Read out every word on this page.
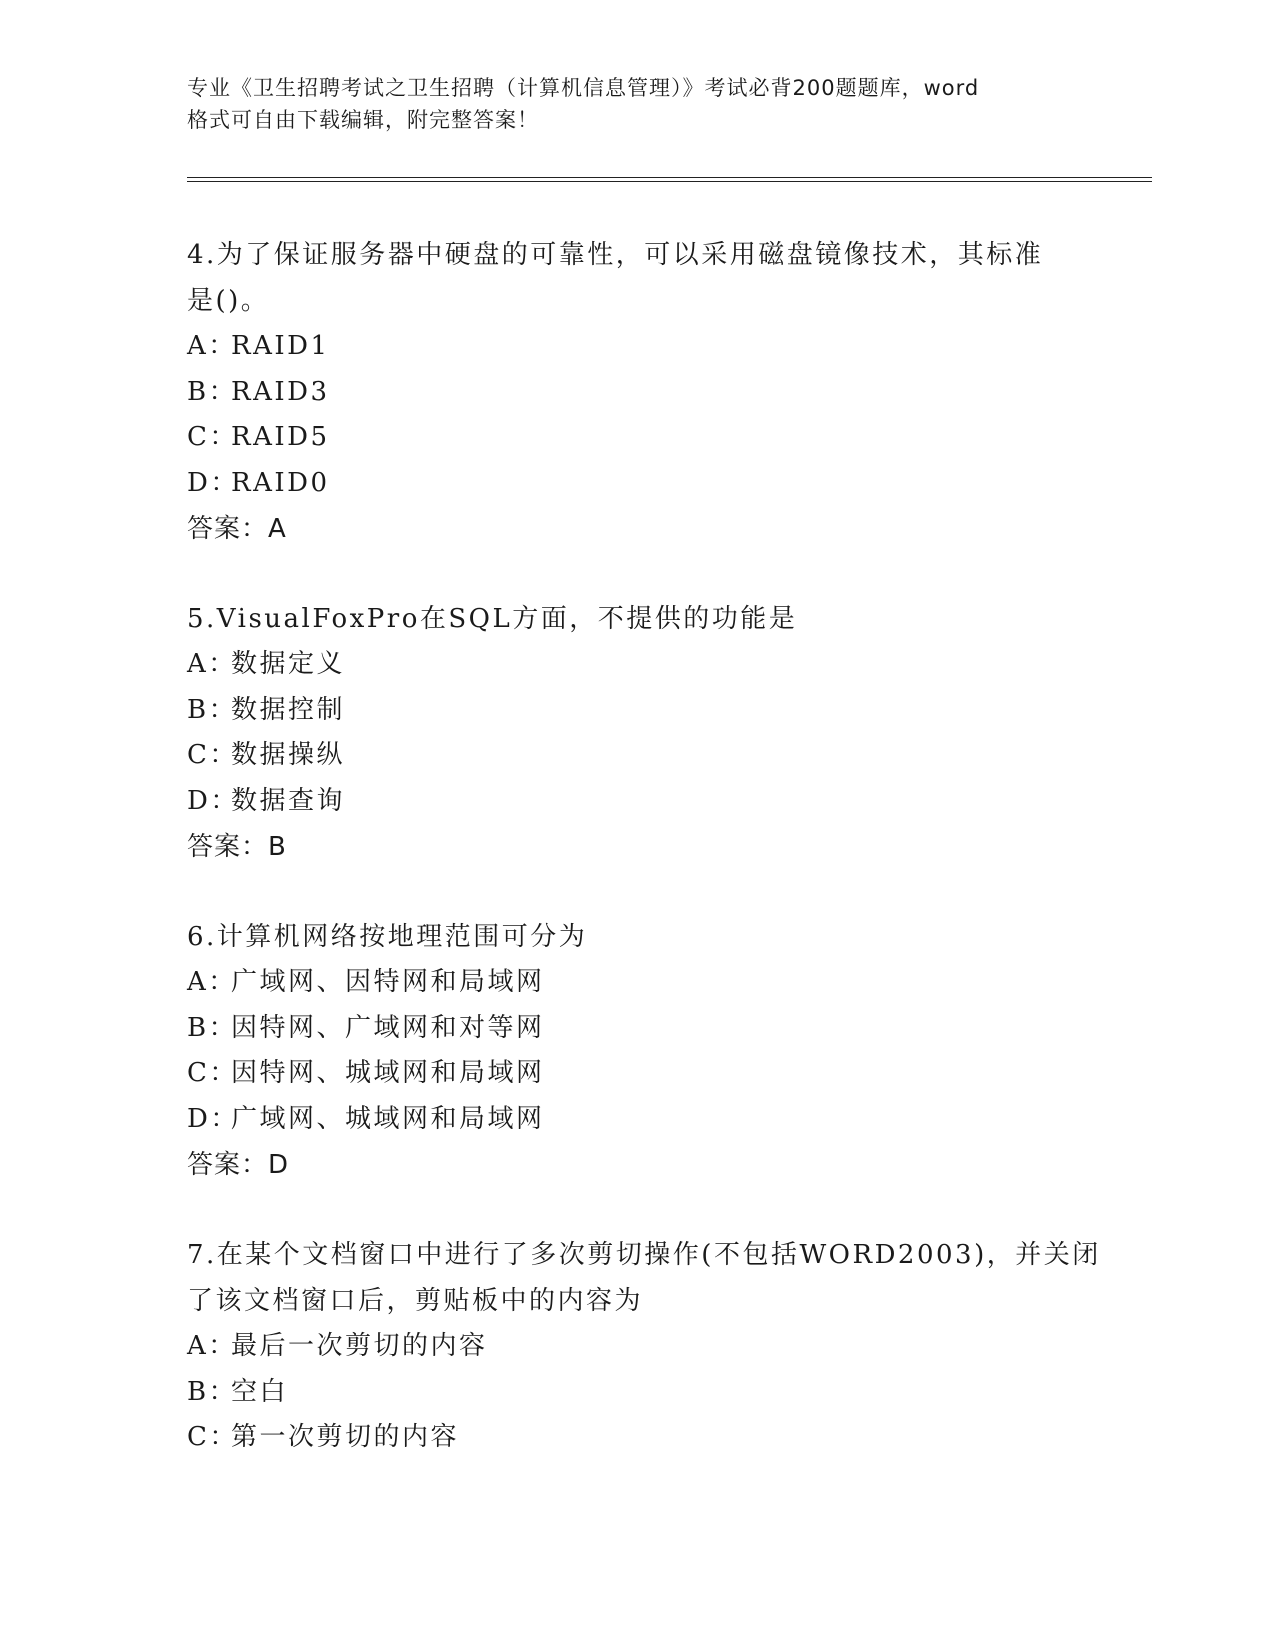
专业《卫生招聘考试之卫生招聘（计算机信息管理）》考试必背200题题库，word
格式可自由下载编辑，附完整答案！
4.为了保证服务器中硬盘的可靠性，可以采用磁盘镜像技术，其标准
是()。
A：RAID1
B：RAID3
C：RAID5
D：RAID0
答案：A
5.VisualFoxPro在SQL方面，不提供的功能是
A：数据定义
B：数据控制
C：数据操纵
D：数据查询
答案：B
6.计算机网络按地理范围可分为
A：广域网、因特网和局域网
B：因特网、广域网和对等网
C：因特网、城域网和局域网
D：广域网、城域网和局域网
答案：D
7.在某个文档窗口中进行了多次剪切操作(不包括WORD2003)，并关闭
了该文档窗口后，剪贴板中的内容为
A：最后一次剪切的内容
B：空白
C：第一次剪切的内容
